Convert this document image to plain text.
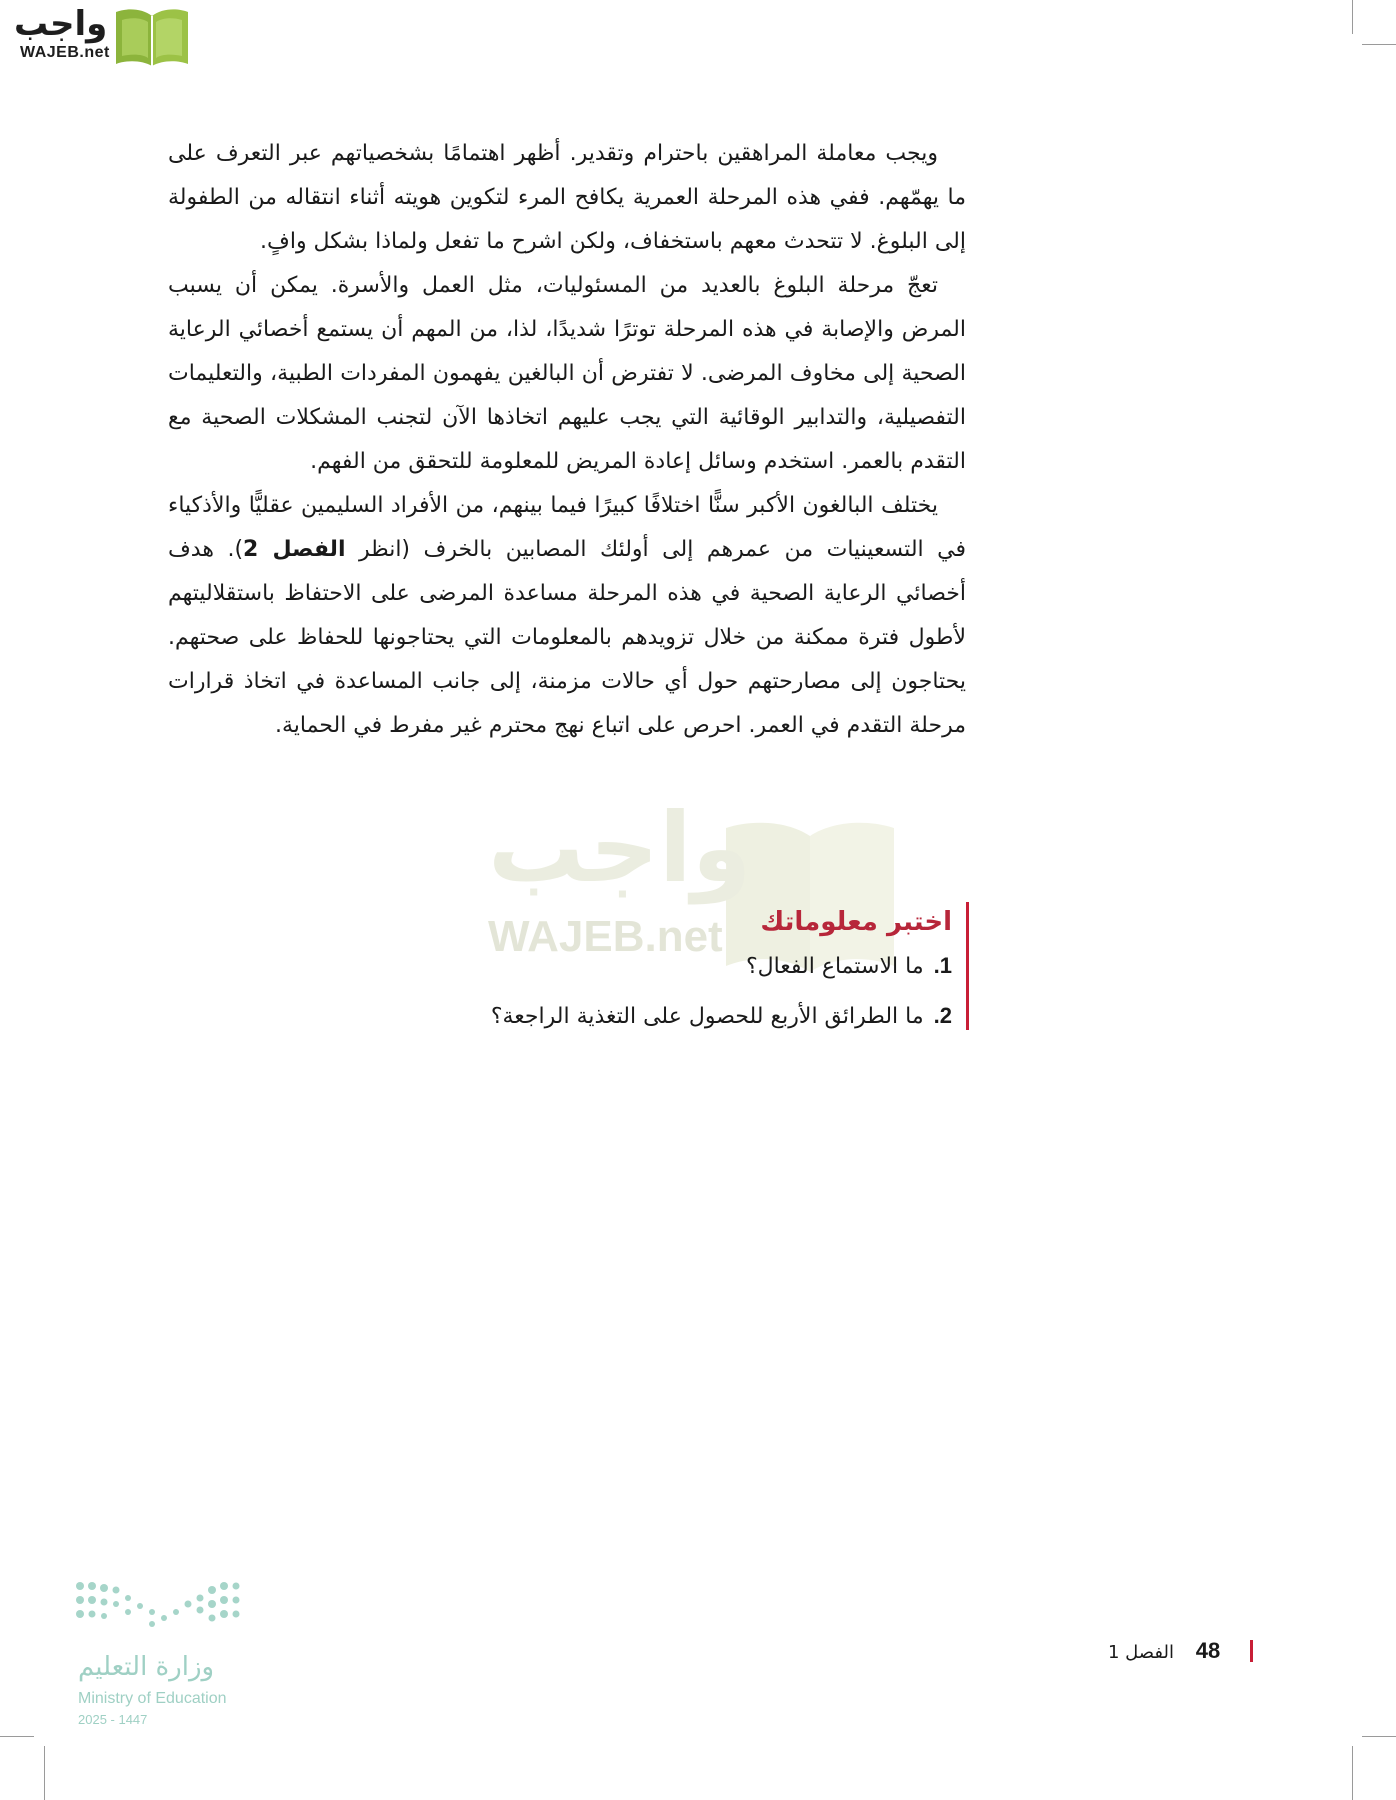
واجب
WAJEB.net
واجب
WAJEB.net

ويجب معاملة المراهقين باحترام وتقدير. أظهر اهتمامًا بشخصياتهم عبر التعرف على ما يهمّهم. ففي هذه المرحلة العمرية يكافح المرء لتكوين هويته أثناء انتقاله من الطفولة إلى البلوغ. لا تتحدث معهم باستخفاف، ولكن اشرح ما تفعل ولماذا بشكل وافٍ.

تعجّ مرحلة البلوغ بالعديد من المسئوليات، مثل العمل والأسرة. يمكن أن يسبب المرض والإصابة في هذه المرحلة توترًا شديدًا، لذا، من المهم أن يستمع أخصائي الرعاية الصحية إلى مخاوف المرضى. لا تفترض أن البالغين يفهمون المفردات الطبية، والتعليمات التفصيلية، والتدابير الوقائية التي يجب عليهم اتخاذها الآن لتجنب المشكلات الصحية مع التقدم بالعمر. استخدم وسائل إعادة المريض للمعلومة للتحقق من الفهم.

يختلف البالغون الأكبر سنًّا اختلافًا كبيرًا فيما بينهم، من الأفراد السليمين عقليًّا والأذكياء في التسعينيات من عمرهم إلى أولئك المصابين بالخرف (انظر الفصل 2). هدف أخصائي الرعاية الصحية في هذه المرحلة مساعدة المرضى على الاحتفاظ باستقلاليتهم لأطول فترة ممكنة من خلال تزويدهم بالمعلومات التي يحتاجونها للحفاظ على صحتهم. يحتاجون إلى مصارحتهم حول أي حالات مزمنة، إلى جانب المساعدة في اتخاذ قرارات مرحلة التقدم في العمر. احرص على اتباع نهج محترم غير مفرط في الحماية.

اختبر معلوماتك
1.ما الاستماع الفعال؟
2.ما الطرائق الأربع للحصول على التغذية الراجعة؟
48 الفصل 1
وزارة التعليم
Ministry of Education
2025 - 1447
